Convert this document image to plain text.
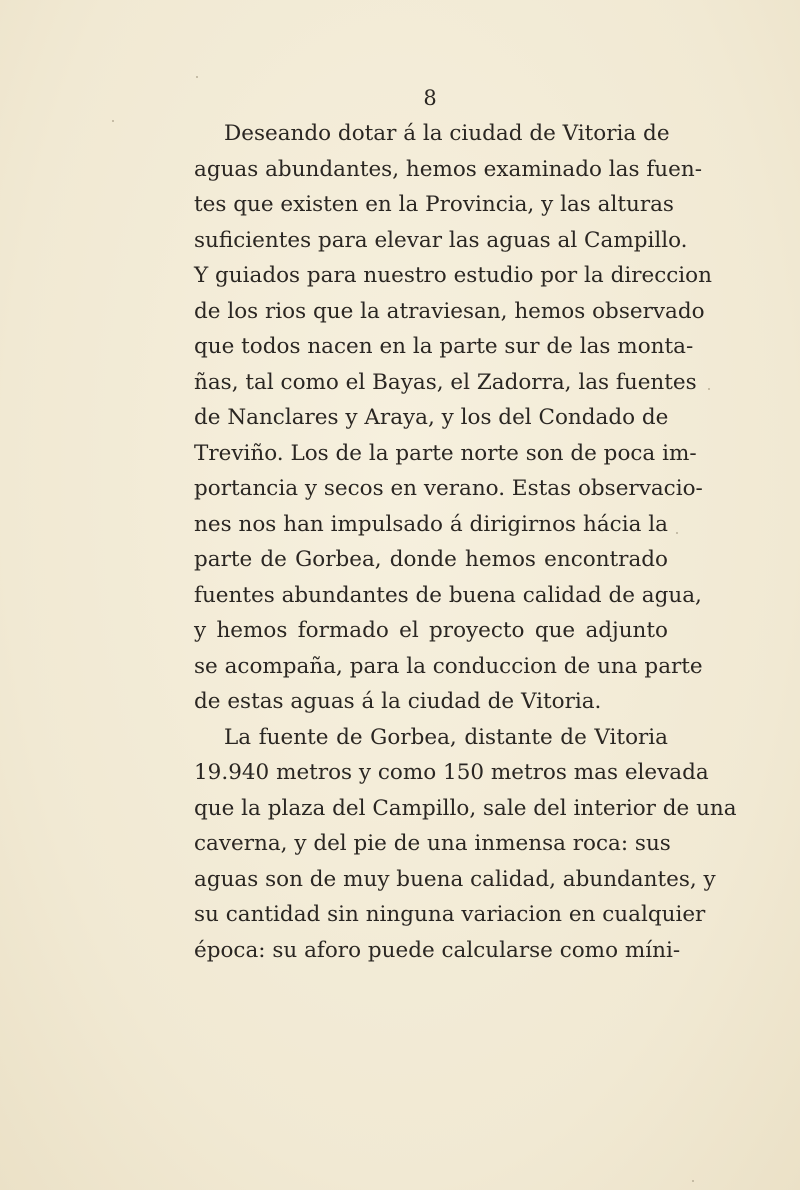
8
Deseando dotar á la ciudad de Vitoria de
aguas abundantes, hemos examinado las fuen-
tes que existen en la Provincia, y las alturas
suficientes para elevar las aguas al Campillo.
Y guiados para nuestro estudio por la direccion
de los rios que la atraviesan, hemos observado
que todos nacen en la parte sur de las monta-
ñas, tal como el Bayas, el Zadorra, las fuentes
de Nanclares y Araya, y los del Condado de
Treviño. Los de la parte norte son de poca im-
portancia y secos en verano. Estas observacio-
nes nos han impulsado á dirigirnos hácia la
parte de Gorbea, donde hemos encontrado
fuentes abundantes de buena calidad de agua,
y hemos formado el proyecto que adjunto
se acompaña, para la conduccion de una parte
de estas aguas á la ciudad de Vitoria.
La fuente de Gorbea, distante de Vitoria
19.940 metros y como 150 metros mas elevada
que la plaza del Campillo, sale del interior de una
caverna, y del pie de una inmensa roca: sus
aguas son de muy buena calidad, abundantes, y
su cantidad sin ninguna variacion en cualquier
época: su aforo puede calcularse como míni-
